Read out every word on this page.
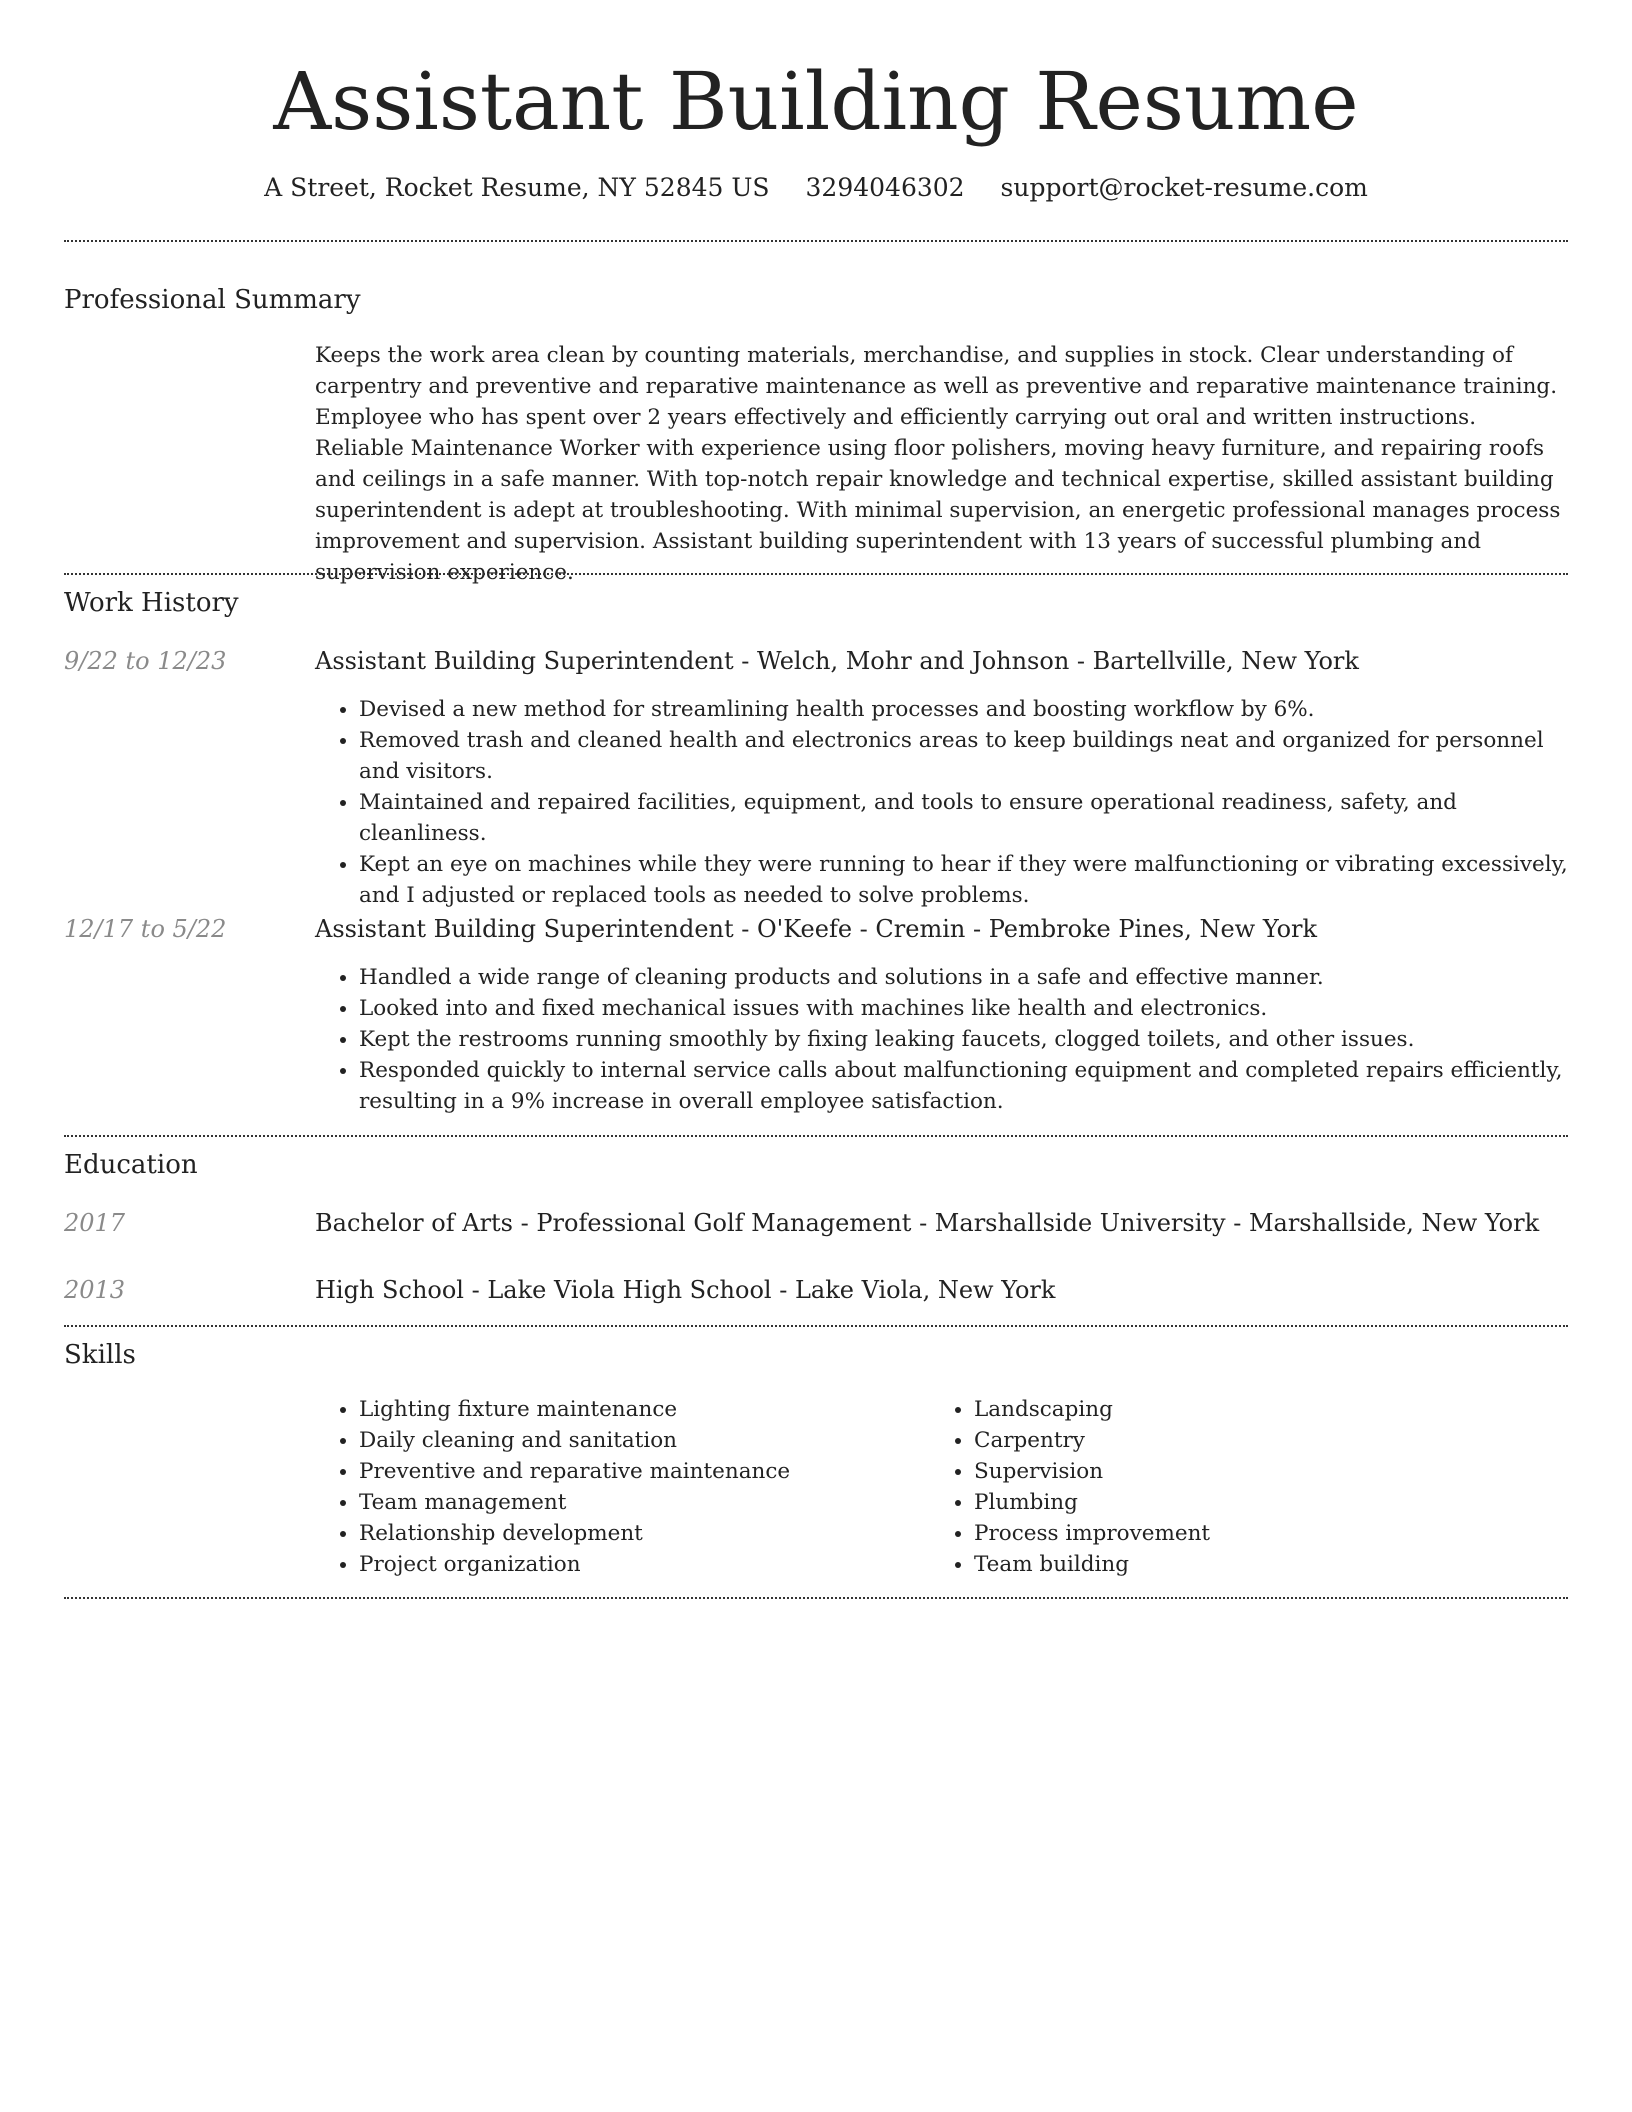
Assistant Building Resume
A Street, Rocket Resume, NY 52845 US 3294046302 support@rocket-resume.com
Professional Summary
Keeps the work area clean by counting materials, merchandise, and supplies in stock. Clear understanding of carpentry and preventive and reparative maintenance as well as preventive and reparative maintenance training. Employee who has spent over 2 years effectively and efficiently carrying out oral and written instructions. Reliable Maintenance Worker with experience using floor polishers, moving heavy furniture, and repairing roofs and ceilings in a safe manner. With top-notch repair knowledge and technical expertise, skilled assistant building superintendent is adept at troubleshooting. With minimal supervision, an energetic professional manages process improvement and supervision. Assistant building superintendent with 13 years of successful plumbing and supervision experience.
Work History
9/22 to 12/23	Assistant Building Superintendent - Welch, Mohr and Johnson - Bartellville, New York
• Devised a new method for streamlining health processes and boosting workflow by 6%.
• Removed trash and cleaned health and electronics areas to keep buildings neat and organized for personnel and visitors.
• Maintained and repaired facilities, equipment, and tools to ensure operational readiness, safety, and cleanliness.
• Kept an eye on machines while they were running to hear if they were malfunctioning or vibrating excessively, and I adjusted or replaced tools as needed to solve problems.
12/17 to 5/22	Assistant Building Superintendent - O'Keefe - Cremin - Pembroke Pines, New York
• Handled a wide range of cleaning products and solutions in a safe and effective manner.
• Looked into and fixed mechanical issues with machines like health and electronics.
• Kept the restrooms running smoothly by fixing leaking faucets, clogged toilets, and other issues.
• Responded quickly to internal service calls about malfunctioning equipment and completed repairs efficiently, resulting in a 9% increase in overall employee satisfaction.
Education
2017	Bachelor of Arts - Professional Golf Management - Marshallside University - Marshallside, New York
2013	High School - Lake Viola High School - Lake Viola, New York
Skills
• Lighting fixture maintenance
• Daily cleaning and sanitation
• Preventive and reparative maintenance
• Team management
• Relationship development
• Project organization
• Landscaping
• Carpentry
• Supervision
• Plumbing
• Process improvement
• Team building
